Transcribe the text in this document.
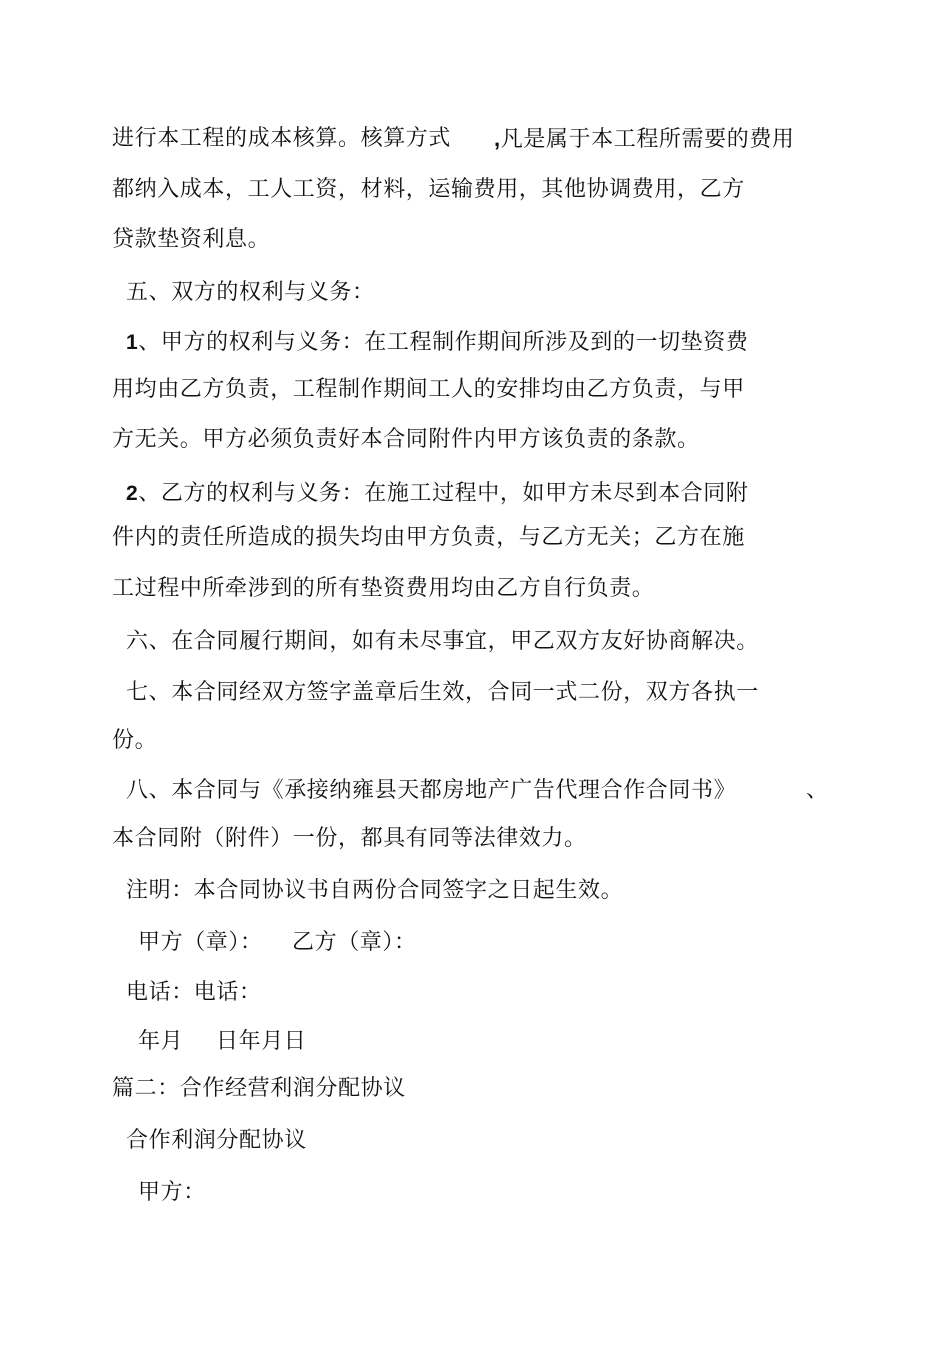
进行本工程的成本核算。核算方式 ,凡是属于本工程所需要的费用
都纳入成本，工人工资，材料，运输费用，其他协调费用，乙方
贷款垫资利息。
五、双方的权利与义务：
1、甲方的权利与义务：在工程制作期间所涉及到的一切垫资费
用均由乙方负责，工程制作期间工人的安排均由乙方负责，与甲
方无关。甲方必须负责好本合同附件内甲方该负责的条款。
2、乙方的权利与义务：在施工过程中，如甲方未尽到本合同附
件内的责任所造成的损失均由甲方负责，与乙方无关；乙方在施
工过程中所牵涉到的所有垫资费用均由乙方自行负责。
六、在合同履行期间，如有未尽事宜，甲乙双方友好协商解决。
七、本合同经双方签字盖章后生效，合同一式二份，双方各执一
份。
八、本合同与《承接纳雍县天都房地产广告代理合作合同书》	、
本合同附（附件）一份，都具有同等法律效力。
注明：本合同协议书自两份合同签字之日起生效。
甲方（章）： 乙方（章）：
电话：电话：
年月 日年月日
篇二：合作经营利润分配协议
合作利润分配协议
甲方：
